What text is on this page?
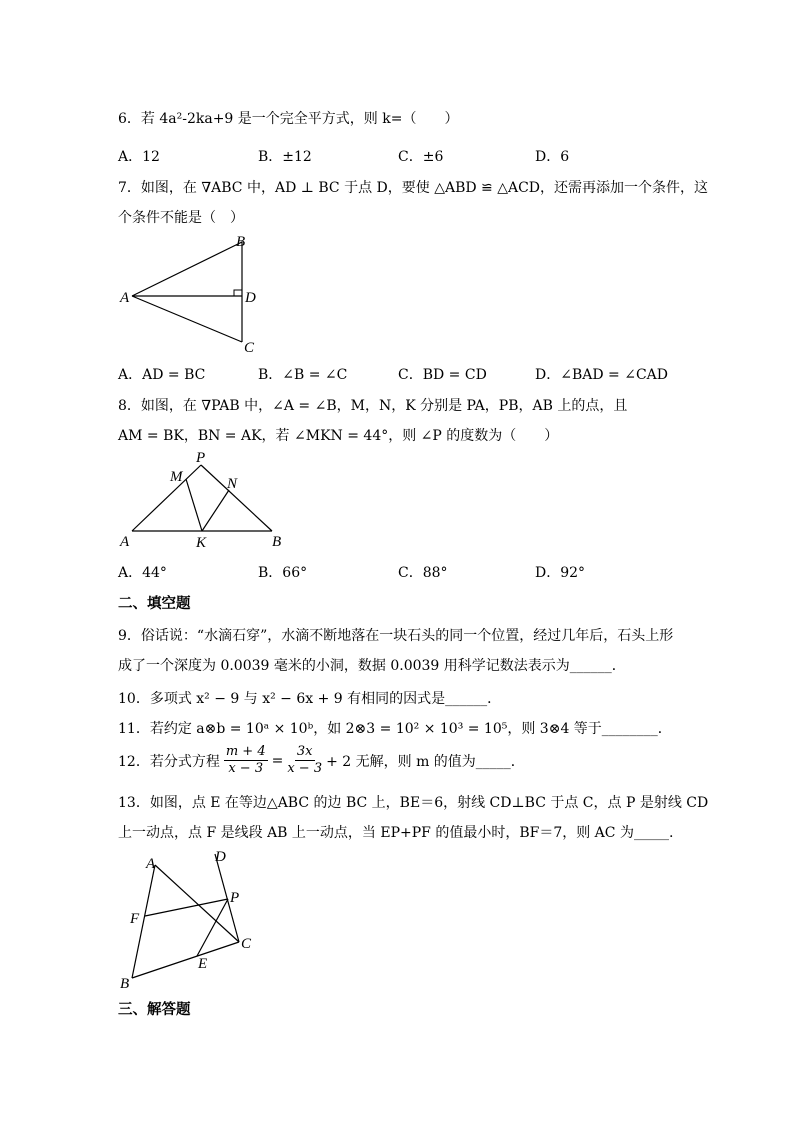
6．若 4a²-2ka+9 是一个完全平方式，则 k=（　　）
A．12	B．±12	C．±6	D．6
7．如图，在 ∇ABC 中，AD ⊥ BC 于点 D，要使 △ABD ≌ △ACD，还需再添加一个条件，这
个条件不能是（　）
B
A	D
C
A．AD = BC	B．∠B = ∠C	C．BD = CD	D．∠BAD = ∠CAD
8．如图，在 ∇PAB 中，∠A = ∠B，M，N，K 分别是 PA，PB，AB 上的点，且
AM = BK，BN = AK，若 ∠MKN = 44°，则 ∠P 的度数为（　　）
P
M	N
A	K	B
A．44°	B．66°	C．88°	D．92°
二、填空题
9．俗话说：“水滴石穿”，水滴不断地落在一块石头的同一个位置，经过几年后，石头上形
成了一个深度为 0.0039 毫米的小洞，数据 0.0039 用科学记数法表示为______．
10．多项式 x² − 9 与 x² − 6x + 9 有相同的因式是______．
11．若约定 a⊗b = 10ᵃ × 10ᵇ，如 2⊗3 = 10² × 10³ = 10⁵，则 3⊗4 等于________．
12．若分式方程 $\frac{m + 4}{x - 3} = \frac{3x}{x - 3} + 2$ 无解，则 m 的值为_____．
13．如图，点 E 在等边△ABC 的边 BC 上，BE＝6，射线 CD⊥BC 于点 C，点 P 是射线 CD
上一动点，点 F 是线段 AB 上一动点，当 EP+PF 的值最小时，BF＝7，则 AC 为_____.
A	D
P
F
C
E
B
三、解答题
